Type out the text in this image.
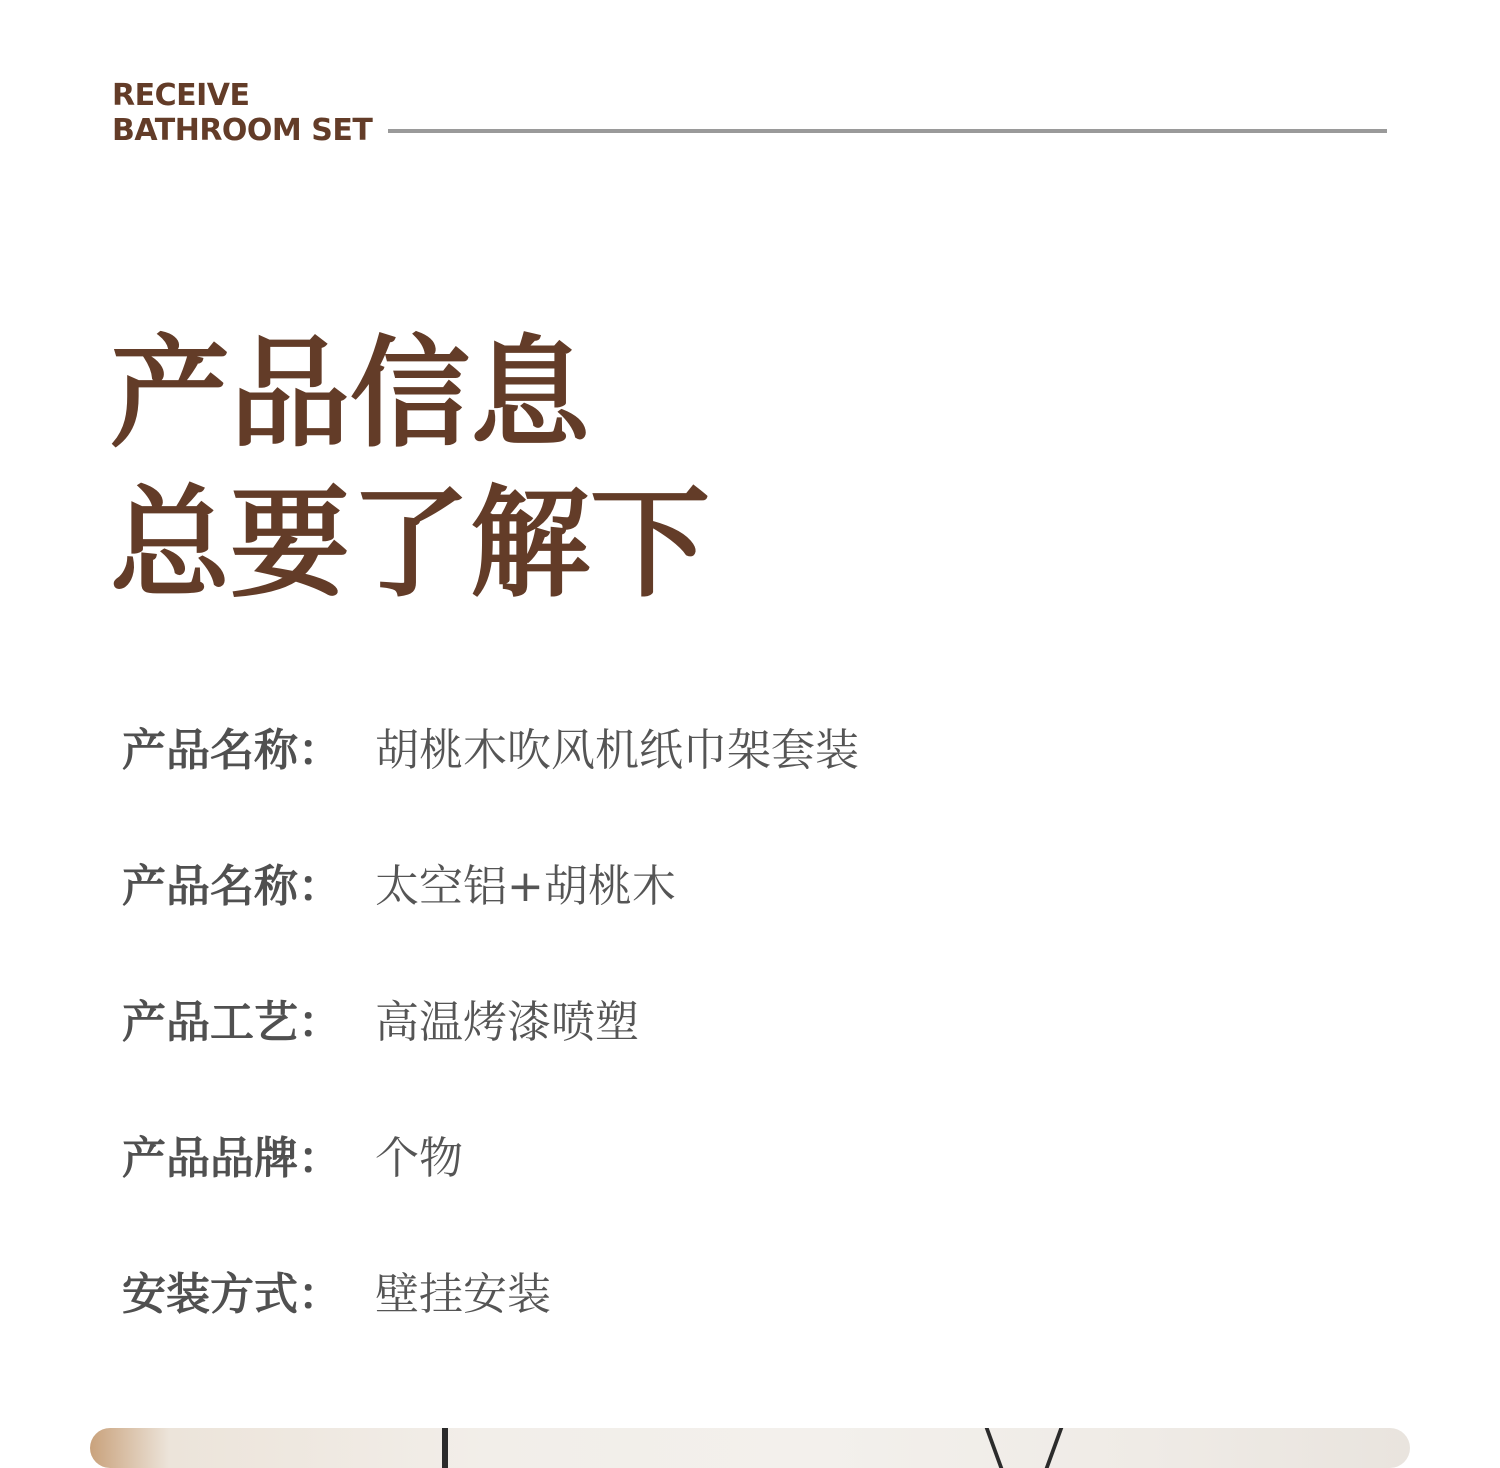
RECEIVE
BATHROOM SET
产品信息
总要了解下
产品名称： 胡桃木吹风机纸巾架套装
产品名称： 太空铝+胡桃木
产品工艺： 高温烤漆喷塑
产品品牌： 个物
安装方式： 壁挂安装
